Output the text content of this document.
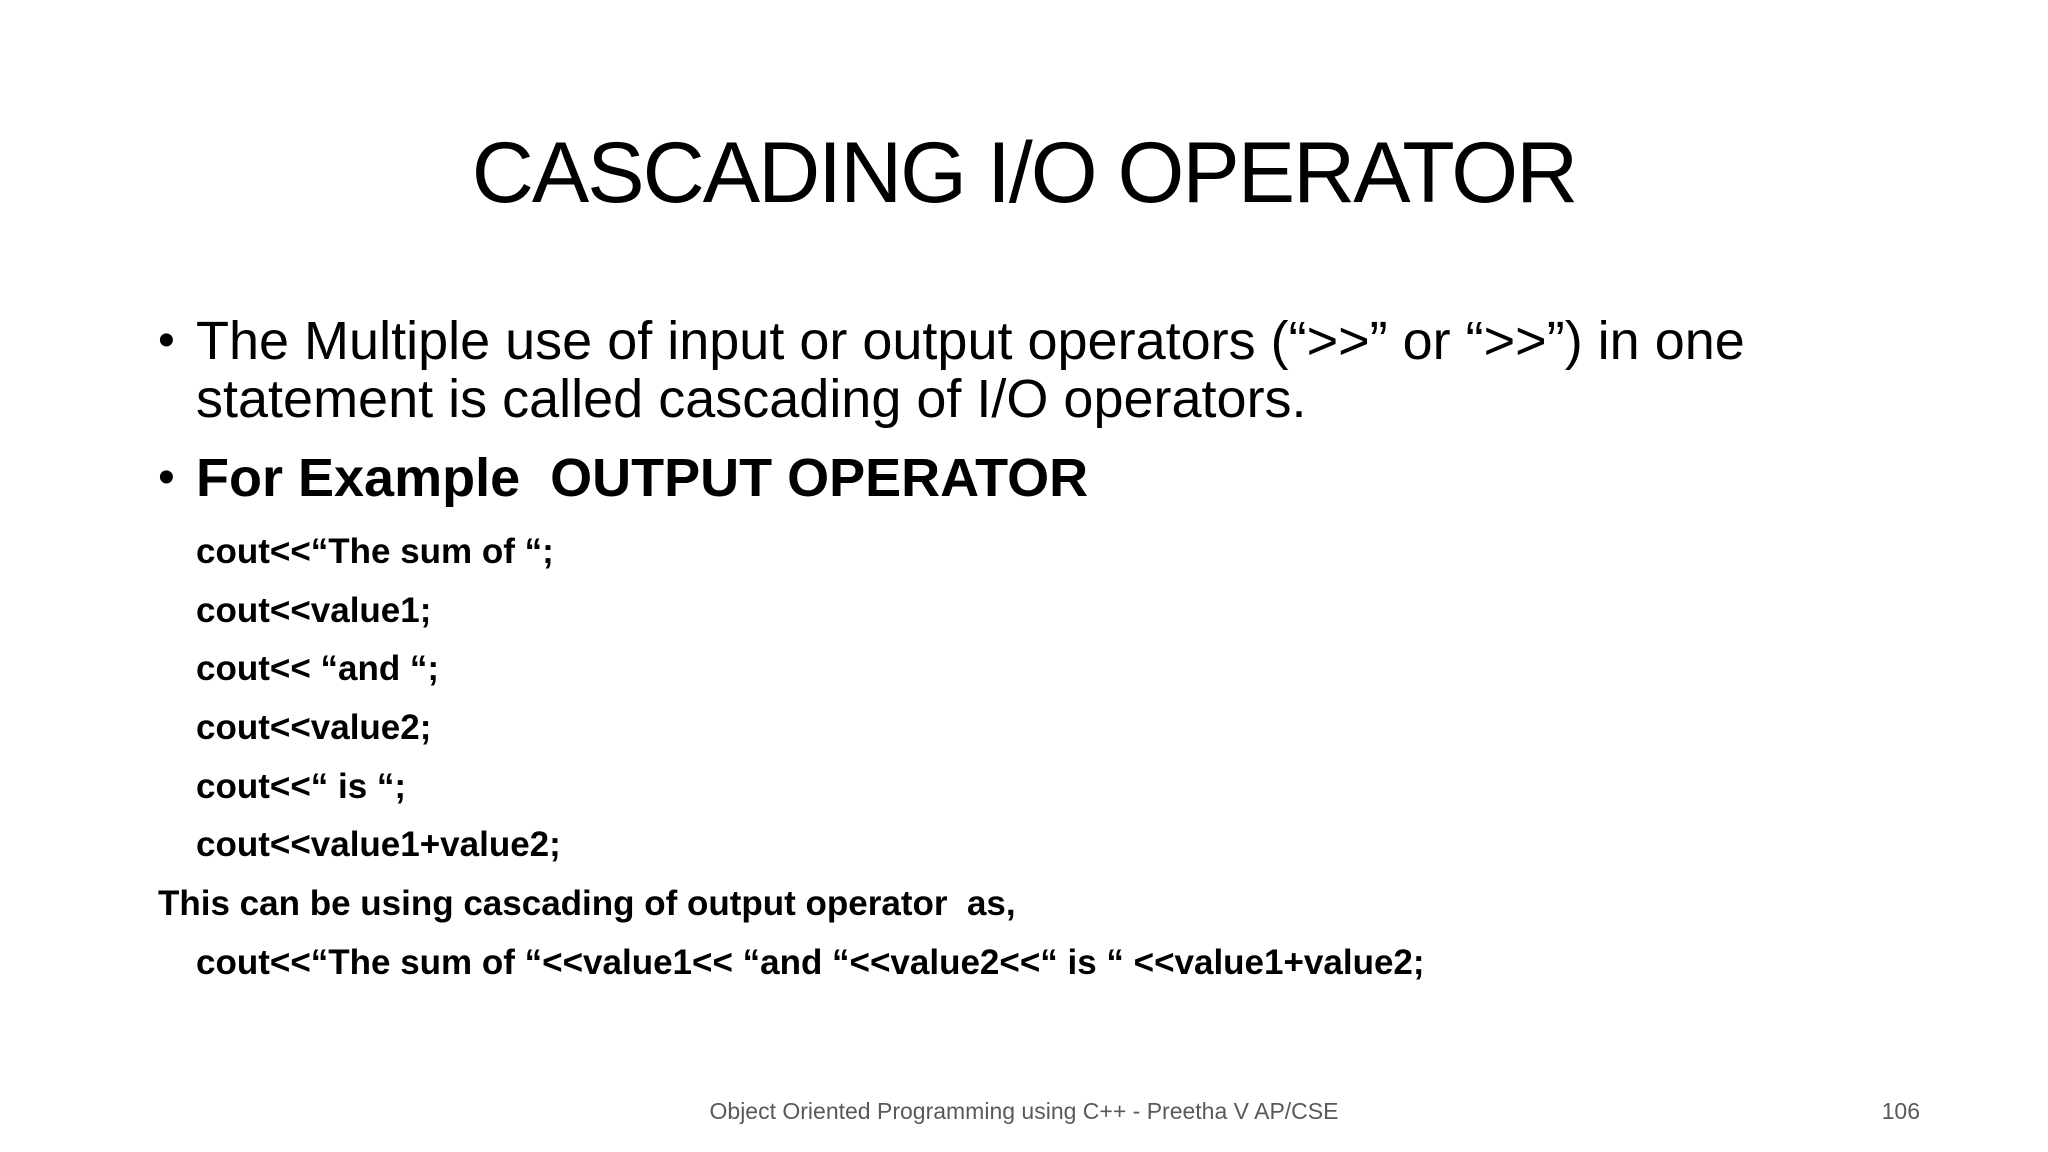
CASCADING I/O OPERATOR
• The Multiple use of input or output operators (“>>” or “>>”) in one statement is called cascading of I/O operators.
• For Example  OUTPUT OPERATOR
cout<<“The sum of “;
cout<<value1;
cout<< “and “;
cout<<value2;
cout<<“ is “;
cout<<value1+value2;
This can be using cascading of output operator  as,
cout<<“The sum of “<<value1<< “and “<<value2<<“ is “ <<value1+value2;
Object Oriented Programming using C++ - Preetha V AP/CSE	106
